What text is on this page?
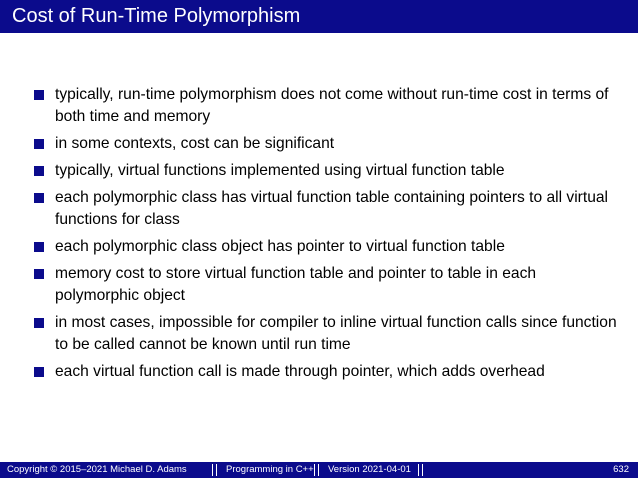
Cost of Run-Time Polymorphism
typically, run-time polymorphism does not come without run-time cost in terms of both time and memory
in some contexts, cost can be significant
typically, virtual functions implemented using virtual function table
each polymorphic class has virtual function table containing pointers to all virtual functions for class
each polymorphic class object has pointer to virtual function table
memory cost to store virtual function table and pointer to table in each polymorphic object
in most cases, impossible for compiler to inline virtual function calls since function to be called cannot be known until run time
each virtual function call is made through pointer, which adds overhead
Copyright © 2015–2021 Michael D. Adams	Programming in C++ Version 2021-04-01	632
